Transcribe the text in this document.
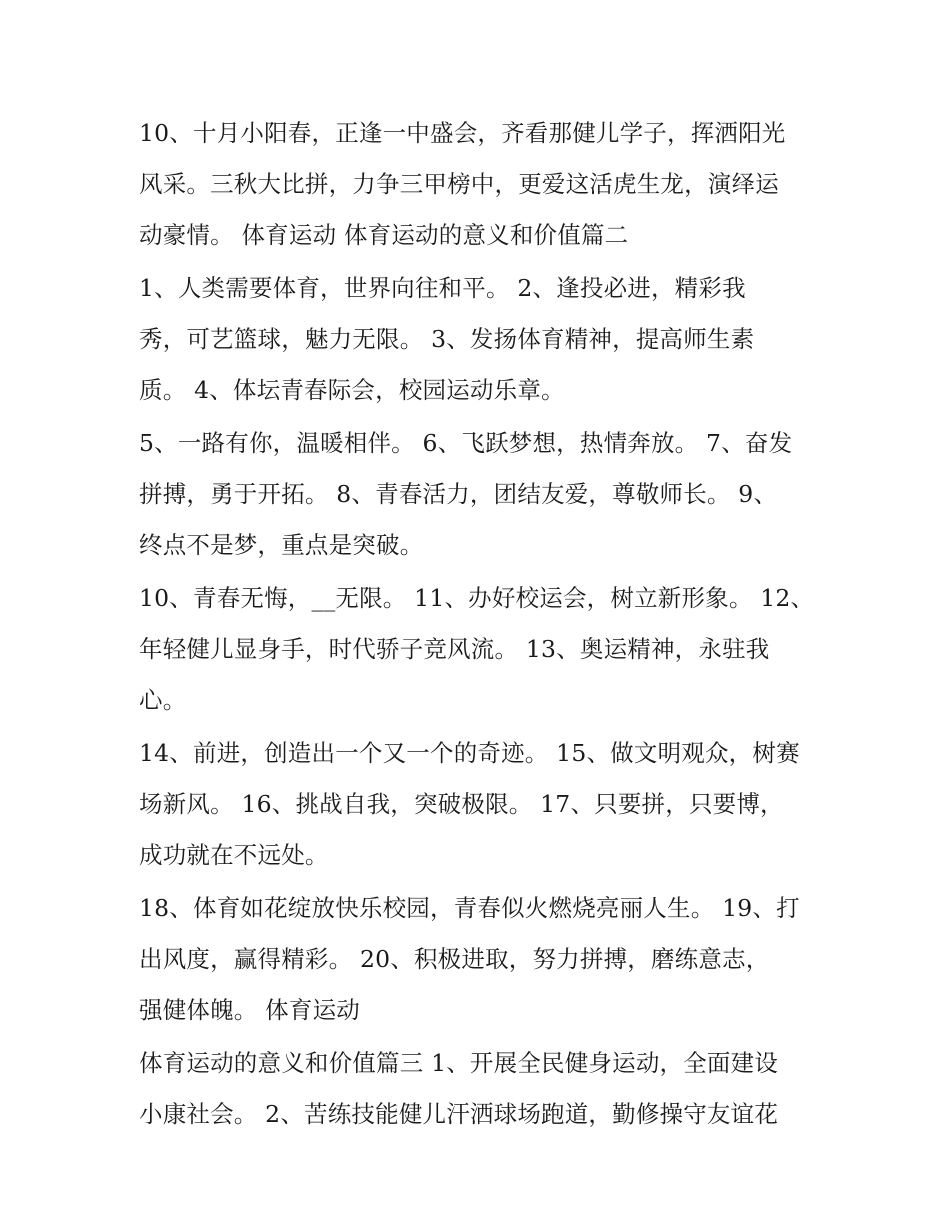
10、十月小阳春，正逢一中盛会，齐看那健儿学子，挥洒阳光
风采。三秋大比拼，力争三甲榜中，更爱这活虎生龙，演绎运
动豪情。 体育运动 体育运动的意义和价值篇二

1、人类需要体育，世界向往和平。 2、逢投必进，精彩我
秀，可艺篮球，魅力无限。 3、发扬体育精神，提高师生素
质。 4、体坛青春际会，校园运动乐章。

5、一路有你，温暖相伴。 6、飞跃梦想，热情奔放。 7、奋发
拼搏，勇于开拓。 8、青春活力，团结友爱，尊敬师长。 9、
终点不是梦，重点是突破。

10、青春无悔，__无限。 11、办好校运会，树立新形象。 12、
年轻健儿显身手，时代骄子竞风流。 13、奥运精神，永驻我
心。

14、前进，创造出一个又一个的奇迹。 15、做文明观众，树赛
场新风。 16、挑战自我，突破极限。 17、只要拼，只要博，
成功就在不远处。

18、体育如花绽放快乐校园，青春似火燃烧亮丽人生。 19、打
出风度，赢得精彩。 20、积极进取，努力拼搏，磨练意志，
强健体魄。 体育运动

体育运动的意义和价值篇三 1、开展全民健身运动，全面建设
小康社会。 2、苦练技能健儿汗洒球场跑道，勤修操守友谊花
